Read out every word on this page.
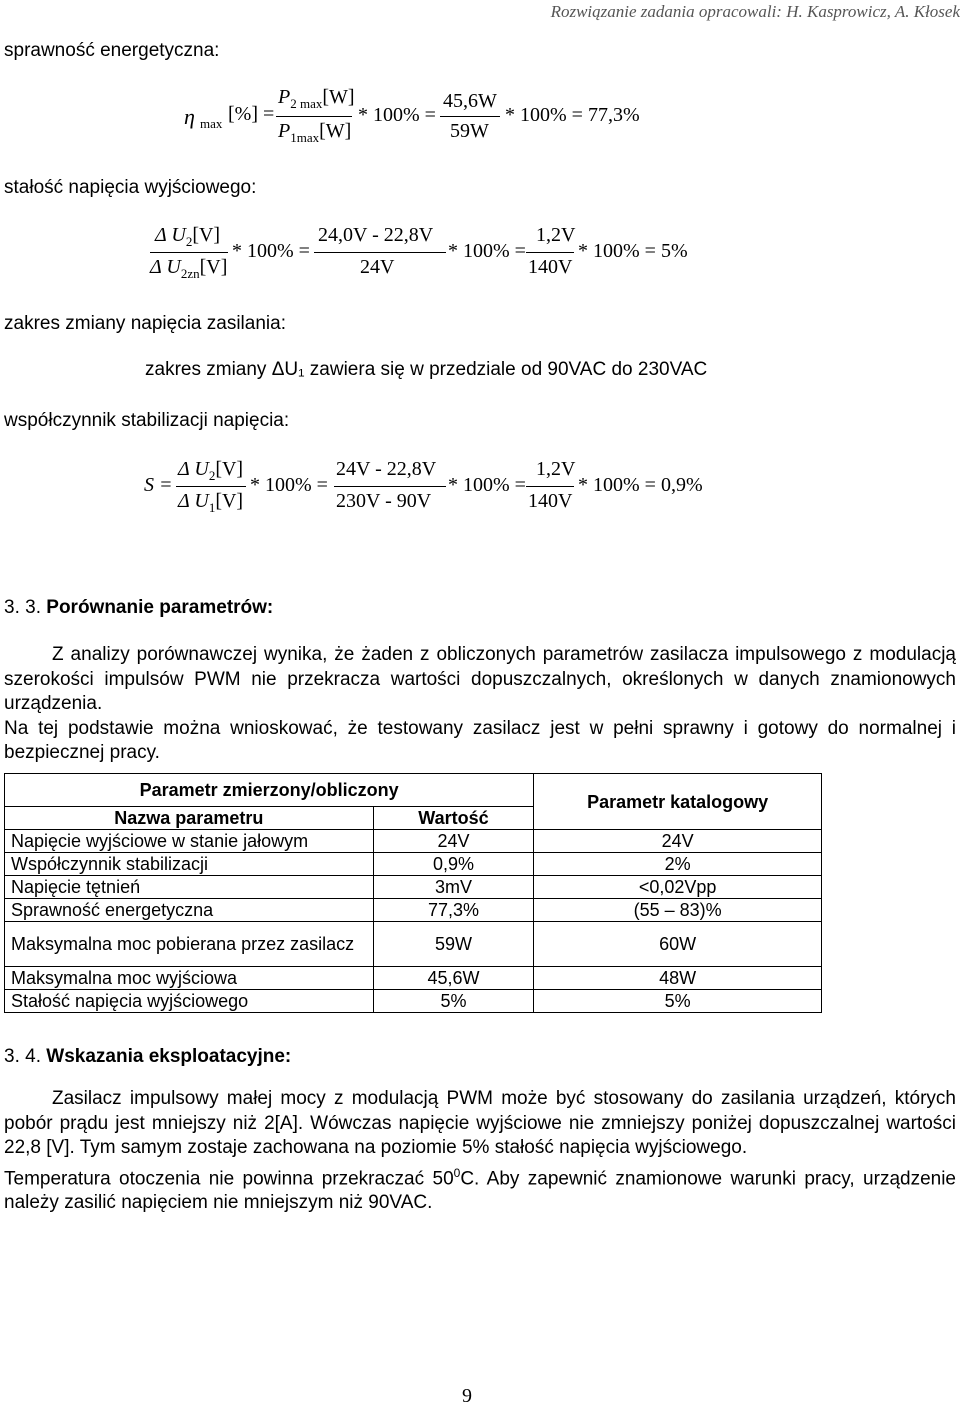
Rozwiązanie zadania opracowali: H. Kasprowicz, A. Kłosek
sprawność energetyczna:
η max [%] =
$P_{2 max}[W]$
$P_{1max}[W]$
* 100% =
45,6W
59W
* 100% = 77,3%
stałość napięcia wyjściowego:
Δ $U_2[V]$
Δ $U_{2zn}[V]$
* 100% =
24,0V - 22,8V
24V
* 100% =
1,2V
140V
* 100% = 5%
zakres zmiany napięcia zasilania:
zakres zmiany ΔU₁ zawiera się w przedziale od 90VAC do 230VAC
współczynnik stabilizacji napięcia:
S =
Δ $U_2[V]$
Δ $U_1[V]$
* 100% =
24V - 22,8V
230V - 90V
* 100% =
1,2V
140V
* 100% = 0,9%
3. 3. Porównanie parametrów:

Z analizy porównawczej wynika, że żaden z obliczonych parametrów zasilacza impulsowego z modulacją szerokości impulsów PWM nie przekracza wartości dopuszczalnych, określonych w danych znamionowych urządzenia.

Na tej podstawie można wnioskować, że testowany zasilacz jest w pełni sprawny i gotowy do normalnej i bezpiecznej pracy.

Parametr zmierzony/obliczony		Parametr katalogowy
Nazwa parametru	Wartość	
Napięcie wyjściowe w stanie jałowym	24V	24V
Współczynnik stabilizacji	0,9%	2%
Napięcie tętnień	3mV	<0,02Vpp
Sprawność energetyczna	77,3%	(55 – 83)%
Maksymalna moc pobierana przez zasilacz	59W	60W
Maksymalna moc wyjściowa	45,6W	48W
Stałość napięcia wyjściowego	5%	5%
3. 4. Wskazania eksploatacyjne:

Zasilacz impulsowy małej mocy z modulacją PWM może być stosowany do zasilania urządzeń, których pobór prądu jest mniejszy niż 2[A]. Wówczas napięcie wyjściowe nie zmniejszy poniżej dopuszczalnej wartości 22,8 [V]. Tym samym zostaje zachowana na poziomie 5% stałość napięcia wyjściowego.

Temperatura otoczenia nie powinna przekraczać $50^0C$. Aby zapewnić znamionowe warunki pracy, urządzenie należy zasilić napięciem nie mniejszym niż 90VAC.

9
